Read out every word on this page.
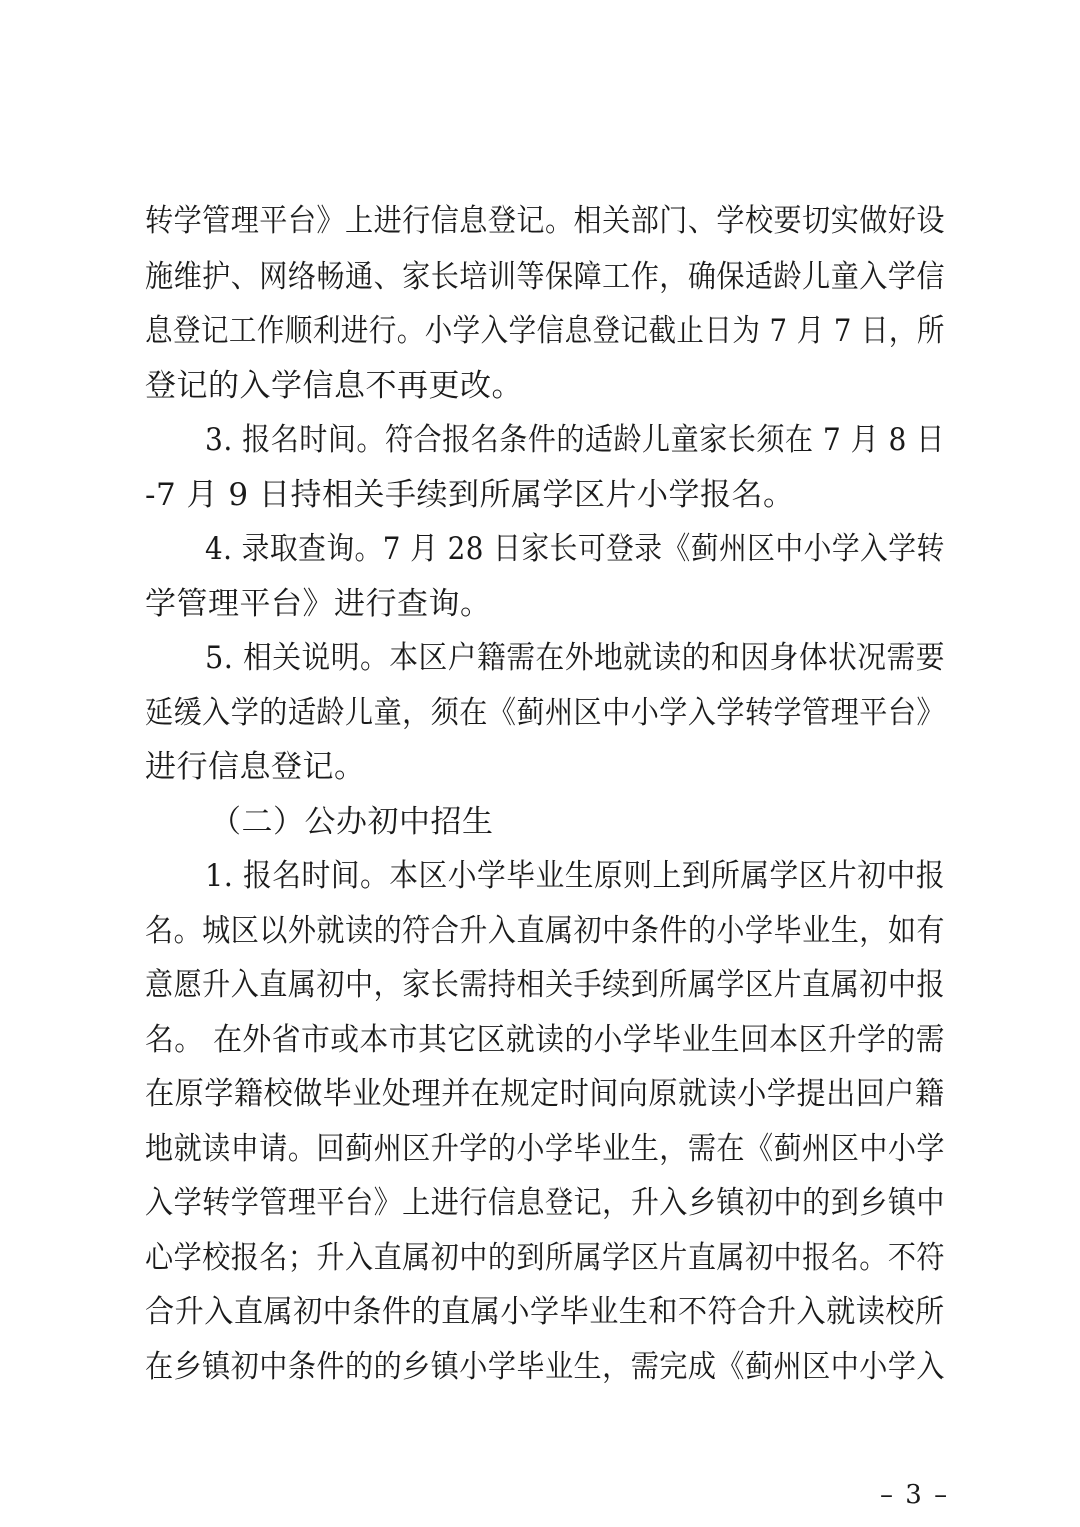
转学管理平台》上进行信息登记。相关部门、学校要切实做好设
施维护、网络畅通、家长培训等保障工作，确保适龄儿童入学信
息登记工作顺利进行。小学入学信息登记截止日为 7 月 7 日，所
登记的入学信息不再更改。
3. 报名时间。符合报名条件的适龄儿童家长须在 7 月 8 日
-7 月 9 日持相关手续到所属学区片小学报名。
4. 录取查询。7 月 28 日家长可登录《蓟州区中小学入学转
学管理平台》进行查询。
5. 相关说明。本区户籍需在外地就读的和因身体状况需要
延缓入学的适龄儿童，须在《蓟州区中小学入学转学管理平台》
进行信息登记。
（二）公办初中招生
1. 报名时间。本区小学毕业生原则上到所属学区片初中报
名。城区以外就读的符合升入直属初中条件的小学毕业生，如有
意愿升入直属初中，家长需持相关手续到所属学区片直属初中报
名。 在外省市或本市其它区就读的小学毕业生回本区升学的需
在原学籍校做毕业处理并在规定时间向原就读小学提出回户籍
地就读申请。回蓟州区升学的小学毕业生，需在《蓟州区中小学
入学转学管理平台》上进行信息登记，升入乡镇初中的到乡镇中
心学校报名；升入直属初中的到所属学区片直属初中报名。不符
合升入直属初中条件的直属小学毕业生和不符合升入就读校所
在乡镇初中条件的的乡镇小学毕业生，需完成《蓟州区中小学入
– 3 –
